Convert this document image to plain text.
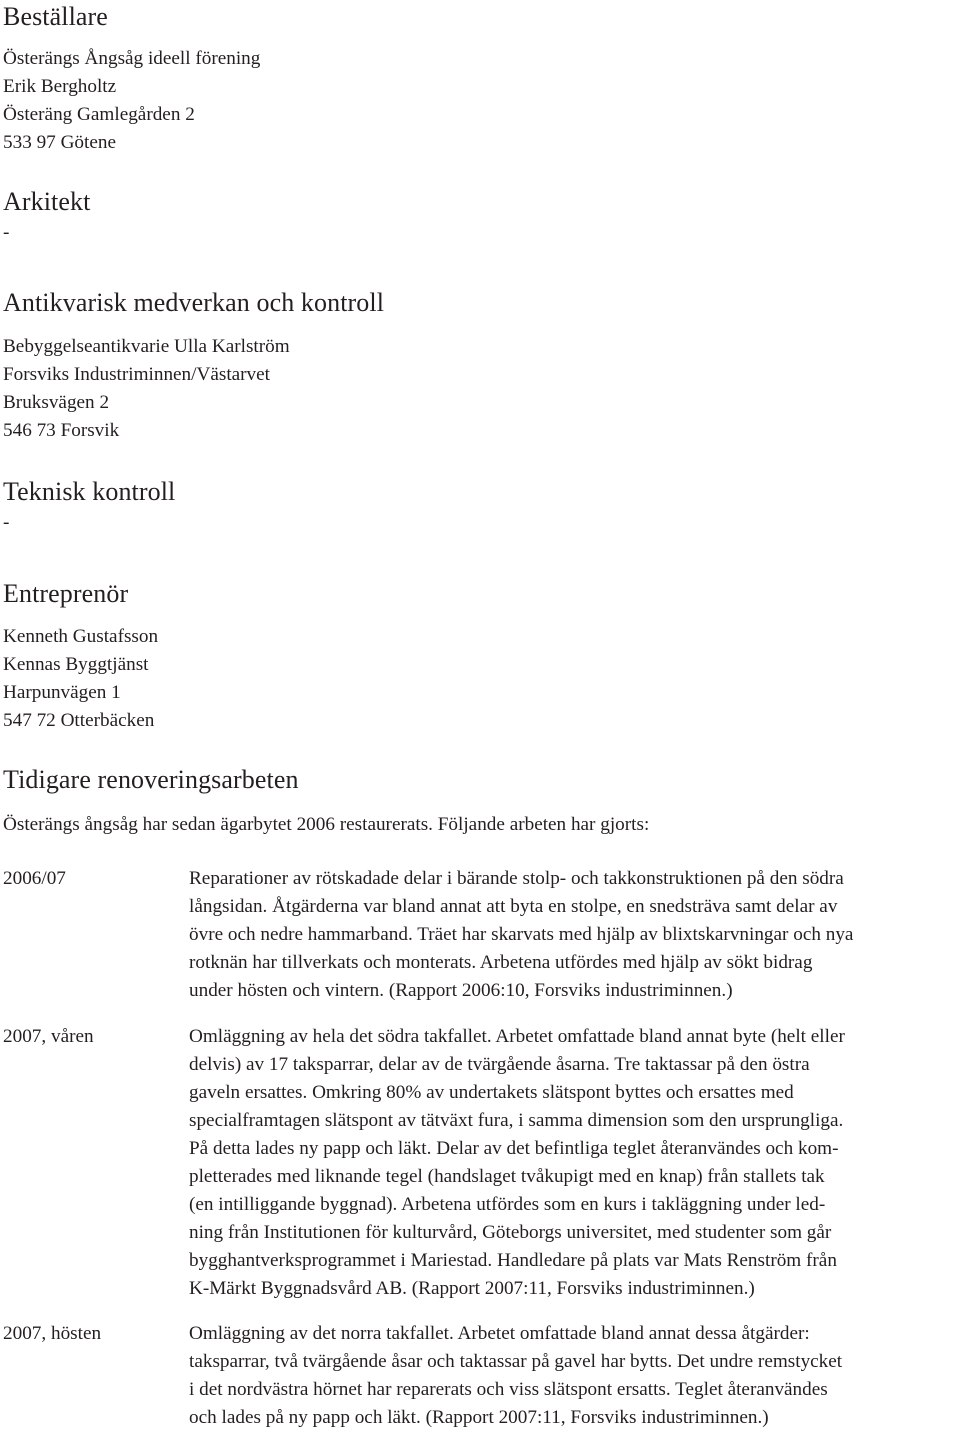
Beställare

Österängs Ångsåg ideell förening

Erik Bergholtz

Österäng Gamlegården 2

533 97 Götene

Arkitekt

-

Antikvarisk medverkan och kontroll

Bebyggelseantikvarie Ulla Karlström

Forsviks Industriminnen/Västarvet

Bruksvägen 2

546 73 Forsvik

Teknisk kontroll

-

Entreprenör

Kenneth Gustafsson

Kennas Byggtjänst

Harpunvägen 1

547 72 Otterbäcken

Tidigare renoveringsarbeten

Österängs ångsåg har sedan ägarbytet 2006 restaurerats. Följande arbeten har gjorts:

2006/07	Reparationer av rötskadade delar i bärande stolp- och takkonstruktionen på den södra

långsidan. Åtgärderna var bland annat att byta en stolpe, en snedsträva samt delar av

övre och nedre hammarband. Träet har skarvats med hjälp av blixtskarvningar och nya

rotknän har tillverkats och monterats. Arbetena utfördes med hjälp av sökt bidrag

under hösten och vintern. (Rapport 2006:10, Forsviks industriminnen.)

2007, våren	Omläggning av hela det södra takfallet. Arbetet omfattade bland annat byte (helt eller

delvis) av 17 taksparrar, delar av de tvärgående åsarna. Tre taktassar på den östra

gaveln ersattes. Omkring 80% av undertakets slätspont byttes och ersattes med

specialframtagen slätspont av tätväxt fura, i samma dimension som den ursprungliga.

På detta lades ny papp och läkt. Delar av det befintliga teglet återanvändes och kom-

pletterades med liknande tegel (handslaget tvåkupigt med en knap) från stallets tak

(en intilliggande byggnad). Arbetena utfördes som en kurs i takläggning under led-

ning från Institutionen för kulturvård, Göteborgs universitet, med studenter som går

bygghantverksprogrammet i Mariestad. Handledare på plats var Mats Renström från

K-Märkt Byggnadsvård AB. (Rapport 2007:11, Forsviks industriminnen.)

2007, hösten	Omläggning av det norra takfallet. Arbetet omfattade bland annat dessa åtgärder:

taksparrar, två tvärgående åsar och taktassar på gavel har bytts. Det undre remstycket

i det nordvästra hörnet har reparerats och viss slätspont ersatts. Teglet återanvändes

och lades på ny papp och läkt. (Rapport 2007:11, Forsviks industriminnen.)
